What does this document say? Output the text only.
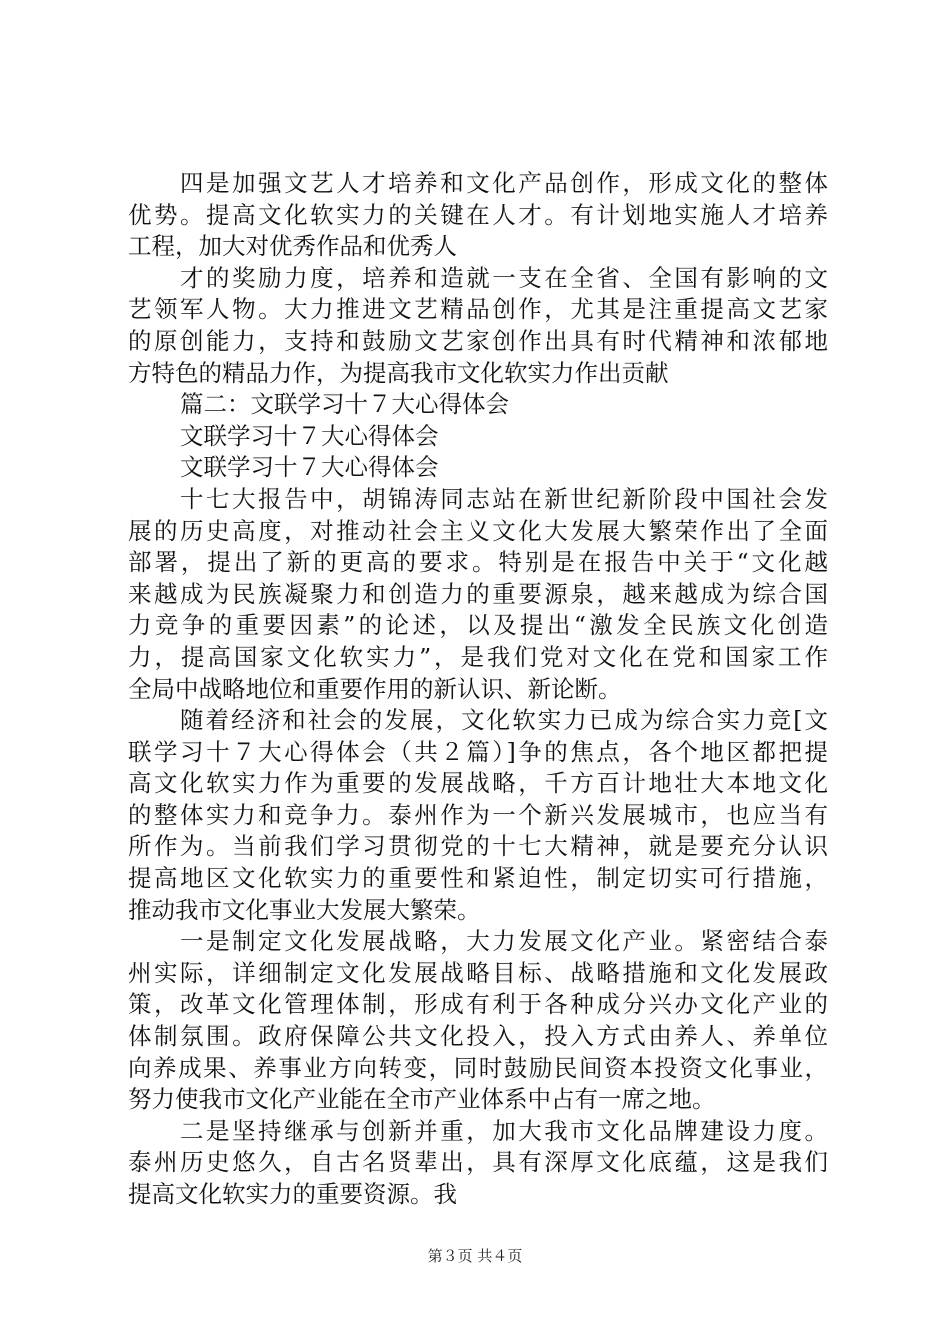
四是加强文艺人才培养和文化产品创作，形成文化的整体
优势。提高文化软实力的关键在人才。有计划地实施人才培养
工程，加大对优秀作品和优秀人
才的奖励力度，培养和造就一支在全省、全国有影响的文
艺领军人物。大力推进文艺精品创作，尤其是注重提高文艺家
的原创能力，支持和鼓励文艺家创作出具有时代精神和浓郁地
方特色的精品力作，为提高我市文化软实力作出贡献
篇二：文联学习十７大心得体会
文联学习十７大心得体会
文联学习十７大心得体会
十七大报告中，胡锦涛同志站在新世纪新阶段中国社会发
展的历史高度，对推动社会主义文化大发展大繁荣作出了全面
部署，提出了新的更高的要求。特别是在报告中关于“文化越
来越成为民族凝聚力和创造力的重要源泉，越来越成为综合国
力竞争的重要因素”的论述，以及提出“激发全民族文化创造
力，提高国家文化软实力”，是我们党对文化在党和国家工作
全局中战略地位和重要作用的新认识、新论断。
随着经济和社会的发展，文化软实力已成为综合实力竞[文
联学习十７大心得体会（共２篇）]争的焦点，各个地区都把提
高文化软实力作为重要的发展战略，千方百计地壮大本地文化
的整体实力和竞争力。泰州作为一个新兴发展城市，也应当有
所作为。当前我们学习贯彻党的十七大精神，就是要充分认识
提高地区文化软实力的重要性和紧迫性，制定切实可行措施，
推动我市文化事业大发展大繁荣。
一是制定文化发展战略，大力发展文化产业。紧密结合泰
州实际，详细制定文化发展战略目标、战略措施和文化发展政
策，改革文化管理体制，形成有利于各种成分兴办文化产业的
体制氛围。政府保障公共文化投入，投入方式由养人、养单位
向养成果、养事业方向转变，同时鼓励民间资本投资文化事业，
努力使我市文化产业能在全市产业体系中占有一席之地。
二是坚持继承与创新并重，加大我市文化品牌建设力度。
泰州历史悠久，自古名贤辈出，具有深厚文化底蕴，这是我们
提高文化软实力的重要资源。我
第３页 共４页
